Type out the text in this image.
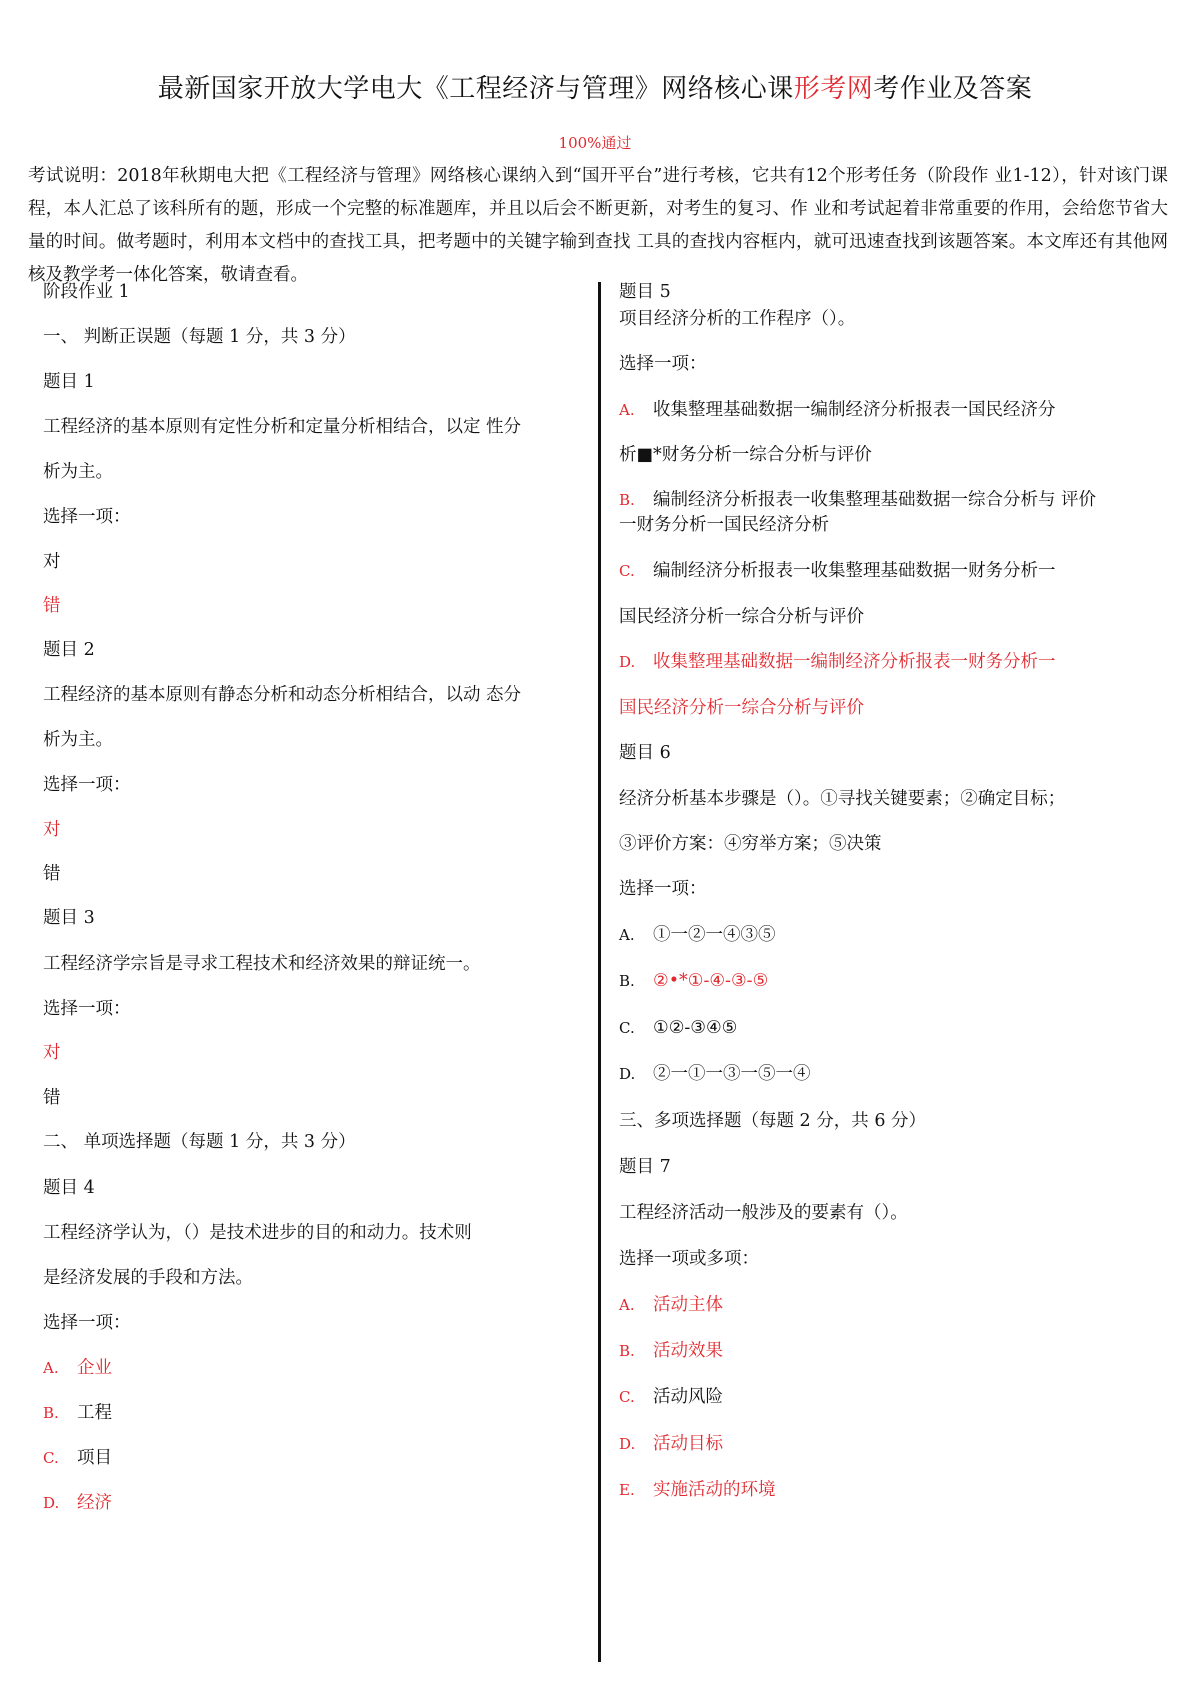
最新国家开放大学电大《工程经济与管理》网络核心课形考网考作业及答案
100%通过
考试说明：2018年秋期电大把《工程经济与管理》网络核心课纳入到“国开平台”进行考核，它共有12个形考任务（阶段作 业1-12），针对该门课程，本人汇总了该科所有的题，形成一个完整的标准题库，并且以后会不断更新，对考生的复习、作 业和考试起着非常重要的作用，会给您节省大量的时间。做考题时，利用本文档中的查找工具，把考题中的关键字输到查找 工具的查找内容框内，就可迅速查找到该题答案。本文库还有其他网核及教学考一体化答案，敬请查看。
阶段作业 1
一、 判断正误题（每题 1 分，共 3 分）
题目 1
工程经济的基本原则有定性分析和定量分析相结合，以定 性分
析为主。
选择一项：
对
错
题目 2
工程经济的基本原则有静态分析和动态分析相结合，以动 态分
析为主。
选择一项：
对
错
题目 3
工程经济学宗旨是寻求工程技术和经济效果的辩证统一。
选择一项：
对
错
二、 单项选择题（每题 1 分，共 3 分）
题目 4
工程经济学认为，（）是技术进步的目的和动力。技术则
是经济发展的手段和方法。
选择一项：
A. 企业
B. 工程
C. 项目
D. 经济
题目 5
项目经济分析的工作程序（）。
选择一项：
A. 收集整理基础数据一编制经济分析报表一国民经济分
析■*财务分析一综合分析与评价
B. 编制经济分析报表一收集整理基础数据一综合分析与 评价
一财务分析一国民经济分析
C. 编制经济分析报表一收集整理基础数据一财务分析一
国民经济分析一综合分析与评价
D. 收集整理基础数据一编制经济分析报表一财务分析一
国民经济分析一综合分析与评价
题目 6
经济分析基本步骤是（）。①寻找关键要素；②确定目标；
③评价方案：④穷举方案；⑤决策
选择一项：
A. ①一②一④③⑤
B. ②•*①-④-③-⑤
C. ①②-③④⑤
D. ②一①一③一⑤一④
三、多项选择题（每题 2 分，共 6 分）
题目 7
工程经济活动一般涉及的要素有（）。
选择一项或多项：
A. 活动主体
B. 活动效果
C. 活动风险
D. 活动目标
E. 实施活动的环境
